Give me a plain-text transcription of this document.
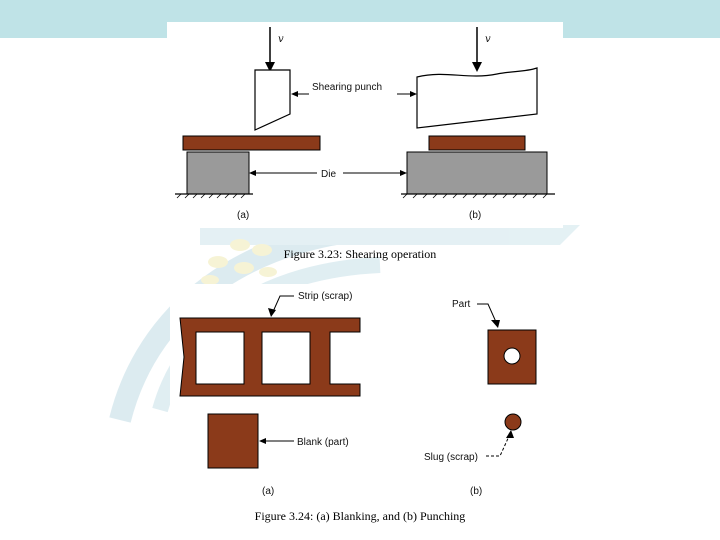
v
(a)
v
(b)
Shearing punch
Die
Figure 3.23: Shearing operation
Strip (scrap)
Blank (part)
(a)
Part
Slug (scrap)
(b)
Figure 3.24: (a) Blanking, and (b) Punching
